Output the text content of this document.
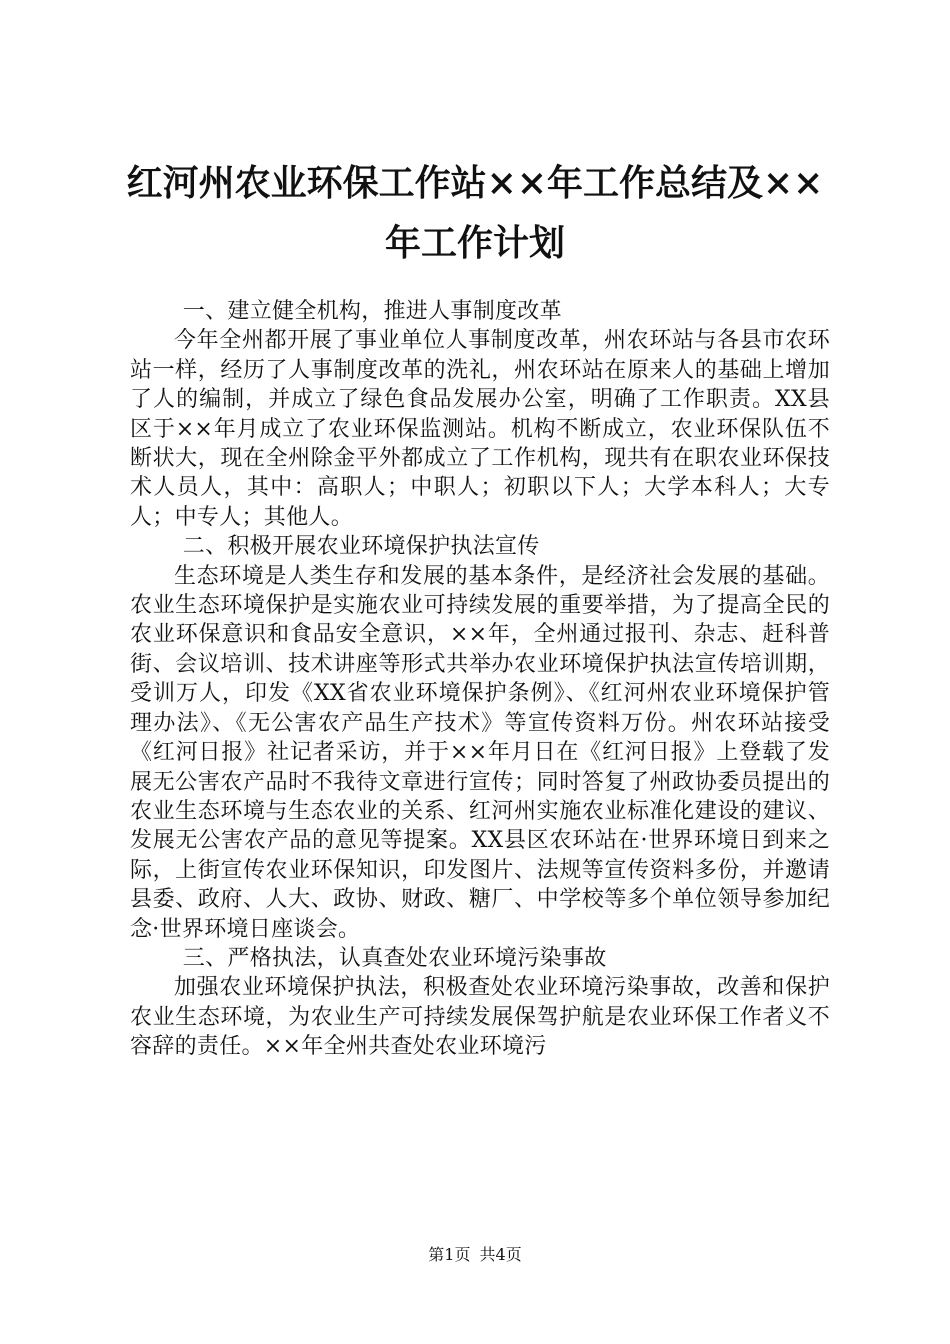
红河州农业环保工作站××年工作总结及××
年工作计划

一、建立健全机构，推进人事制度改革

今年全州都开展了事业单位人事制度改革，州农环站与各县市农环站一样，经历了人事制度改革的洗礼，州农环站在原来人的基础上增加了人的编制，并成立了绿色食品发展办公室，明确了工作职责。XX县区于××年月成立了农业环保监测站。机构不断成立，农业环保队伍不断状大，现在全州除金平外都成立了工作机构，现共有在职农业环保技术人员人，其中：高职人；中职人；初职以下人；大学本科人；大专人；中专人；其他人。

二、积极开展农业环境保护执法宣传

生态环境是人类生存和发展的基本条件，是经济社会发展的基础。农业生态环境保护是实施农业可持续发展的重要举措，为了提高全民的农业环保意识和食品安全意识，××年，全州通过报刊、杂志、赶科普街、会议培训、技术讲座等形式共举办农业环境保护执法宣传培训期，受训万人，印发《XX省农业环境保护条例》、《红河州农业环境保护管理办法》、《无公害农产品生产技术》等宣传资料万份。州农环站接受《红河日报》社记者采访，并于××年月日在《红河日报》上登载了发展无公害农产品时不我待文章进行宣传；同时答复了州政协委员提出的农业生态环境与生态农业的关系、红河州实施农业标准化建设的建议、发展无公害农产品的意见等提案。XX县区农环站在·世界环境日到来之际，上街宣传农业环保知识，印发图片、法规等宣传资料多份，并邀请县委、政府、人大、政协、财政、糖厂、中学校等多个单位领导参加纪念·世界环境日座谈会。

三、严格执法，认真查处农业环境污染事故

加强农业环境保护执法，积极查处农业环境污染事故，改善和保护农业生态环境，为农业生产可持续发展保驾护航是农业环保工作者义不容辞的责任。××年全州共查处农业环境污

第1页 共4页
